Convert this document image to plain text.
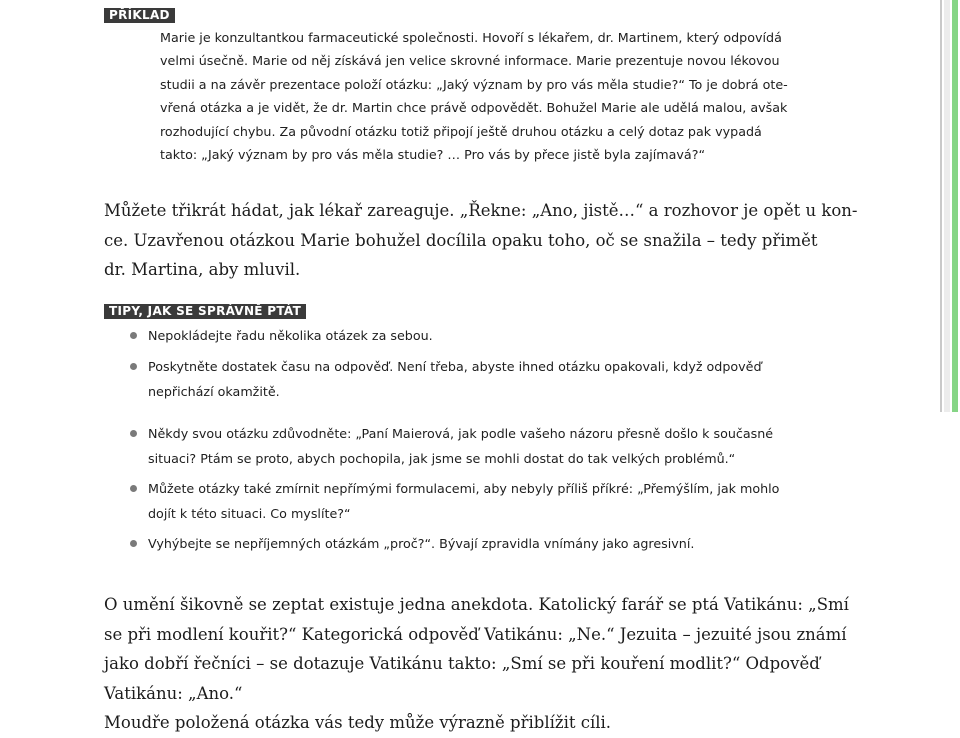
PŘÍKLAD
Marie je konzultantkou farmaceutické společnosti. Hovoří s lékařem, dr. Martinem, který odpovídá
velmi úsečně. Marie od něj získává jen velice skrovné informace. Marie prezentuje novou lékovou
studii a na závěr prezentace položí otázku: „Jaký význam by pro vás měla studie?“ To je dobrá ote-
vřená otázka a je vidět, že dr. Martin chce právě odpovědět. Bohužel Marie ale udělá malou, avšak
rozhodující chybu. Za původní otázku totiž připojí ještě druhou otázku a celý dotaz pak vypadá
takto: „Jaký význam by pro vás měla studie? … Pro vás by přece jistě byla zajímavá?“
Můžete třikrát hádat, jak lékař zareaguje. „Řekne: „Ano, jistě…“ a rozhovor je opět u kon-
ce. Uzavřenou otázkou Marie bohužel docílila opaku toho, oč se snažila – tedy přimět
dr. Martina, aby mluvil.
TIPY, JAK SE SPRÁVNĚ PTÁT
Nepokládejte řadu několika otázek za sebou.
Poskytněte dostatek času na odpověď. Není třeba, abyste ihned otázku opakovali, když odpověď
nepřichází okamžitě.
Někdy svou otázku zdůvodněte: „Paní Maierová, jak podle vašeho názoru přesně došlo k současné
situaci? Ptám se proto, abych pochopila, jak jsme se mohli dostat do tak velkých problémů.“
Můžete otázky také zmírnit nepřímými formulacemi, aby nebyly příliš příkré: „Přemýšlím, jak mohlo
dojít k této situaci. Co myslíte?“
Vyhýbejte se nepříjemných otázkám „proč?“. Bývají zpravidla vnímány jako agresivní.
O umění šikovně se zeptat existuje jedna anekdota. Katolický farář se ptá Vatikánu: „Smí
se při modlení kouřit?“ Kategorická odpověď Vatikánu: „Ne.“ Jezuita – jezuité jsou známí
jako dobří řečníci – se dotazuje Vatikánu takto: „Smí se při kouření modlit?“ Odpověď
Vatikánu: „Ano.“
Moudře položená otázka vás tedy může výrazně přiblížit cíli.
